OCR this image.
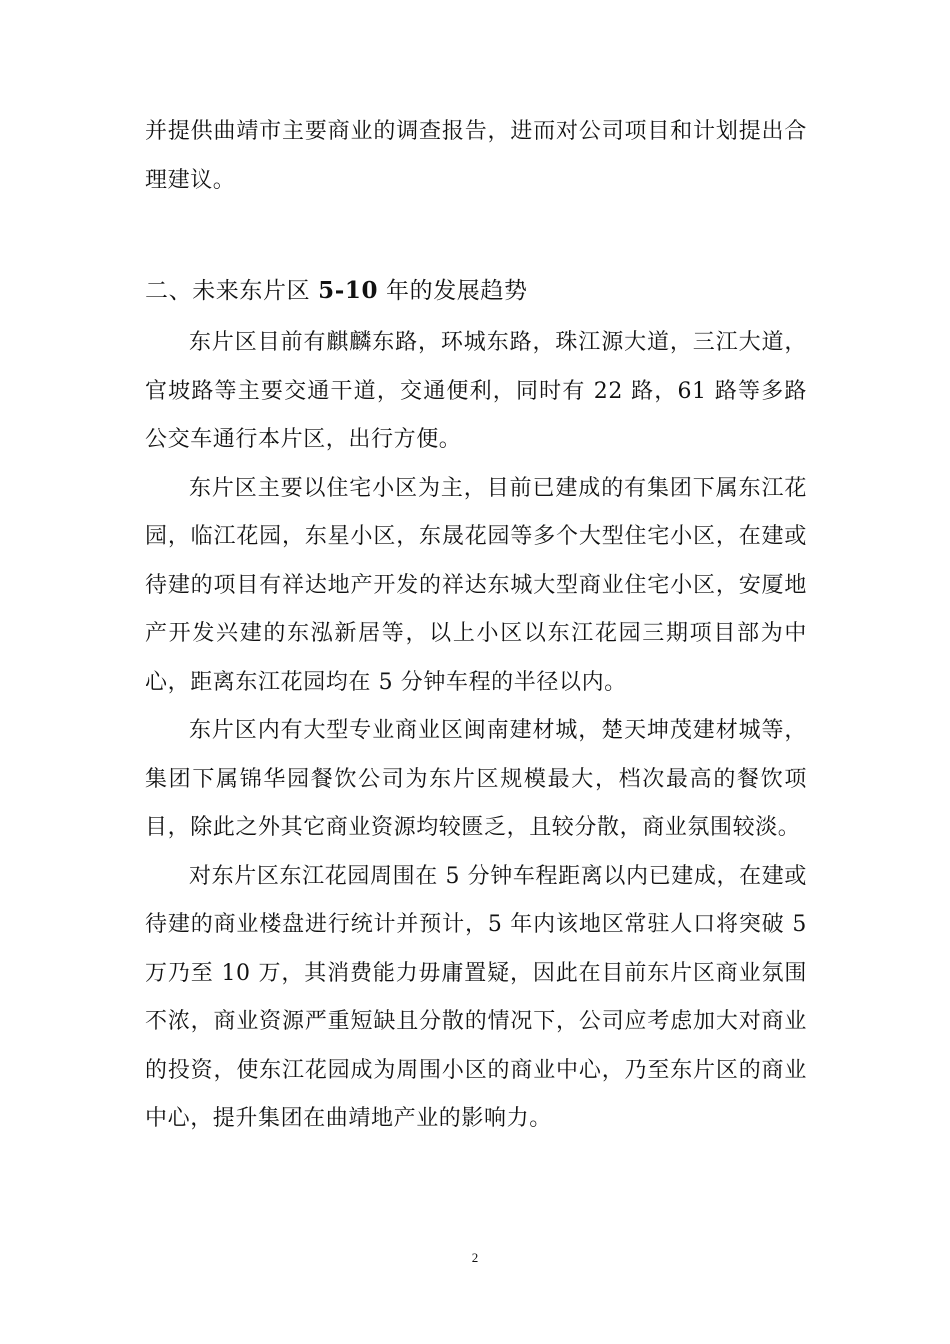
并提供曲靖市主要商业的调查报告，进而对公司项目和计划提出合理建议。

二、未来东片区 5-10 年的发展趋势

东片区目前有麒麟东路，环城东路，珠江源大道，三江大道，官坡路等主要交通干道，交通便利，同时有 22 路，61 路等多路公交车通行本片区，出行方便。

东片区主要以住宅小区为主，目前已建成的有集团下属东江花园，临江花园，东星小区，东晟花园等多个大型住宅小区，在建或待建的项目有祥达地产开发的祥达东城大型商业住宅小区，安厦地产开发兴建的东泓新居等，以上小区以东江花园三期项目部为中心，距离东江花园均在 5 分钟车程的半径以内。

东片区内有大型专业商业区闽南建材城，楚天坤茂建材城等，集团下属锦华园餐饮公司为东片区规模最大，档次最高的餐饮项目，除此之外其它商业资源均较匮乏，且较分散，商业氛围较淡。

对东片区东江花园周围在 5 分钟车程距离以内已建成，在建或待建的商业楼盘进行统计并预计，5 年内该地区常驻人口将突破 5 万乃至 10 万，其消费能力毋庸置疑，因此在目前东片区商业氛围不浓，商业资源严重短缺且分散的情况下，公司应考虑加大对商业的投资，使东江花园成为周围小区的商业中心，乃至东片区的商业中心，提升集团在曲靖地产业的影响力。

2
